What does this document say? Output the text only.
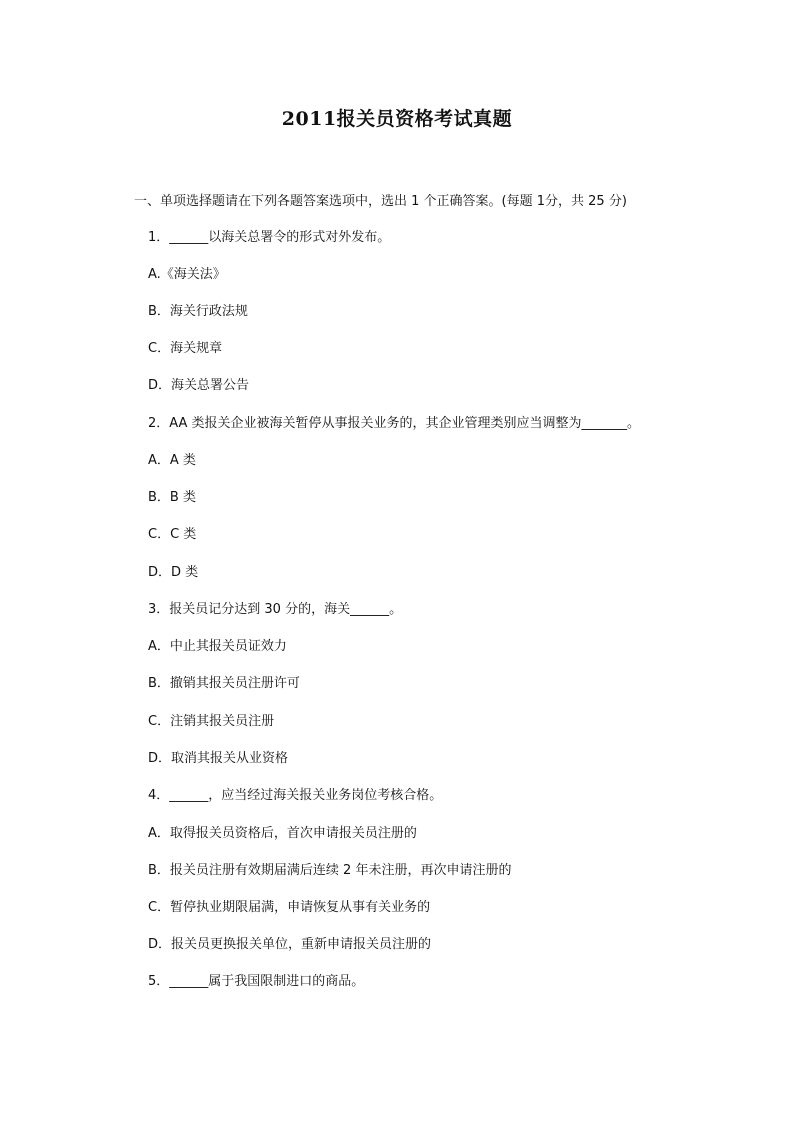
2011报关员资格考试真题
一、单项选择题请在下列各题答案选项中，选出 1 个正确答案。(每题 1分，共 25 分)
1．______以海关总署令的形式对外发布。
A.《海关法》
B．海关行政法规
C．海关规章
D．海关总署公告
2．AA 类报关企业被海关暂停从事报关业务的，其企业管理类别应当调整为_______。
A．A 类
B．B 类
C．C 类
D．D 类
3．报关员记分达到 30 分的，海关______。
A．中止其报关员证效力
B．撤销其报关员注册许可
C．注销其报关员注册
D．取消其报关从业资格
4．______，应当经过海关报关业务岗位考核合格。
A．取得报关员资格后，首次申请报关员注册的
B．报关员注册有效期届满后连续 2 年未注册，再次申请注册的
C．暂停执业期限届满，申请恢复从事有关业务的
D．报关员更换报关单位，重新申请报关员注册的
5．______属于我国限制进口的商品。
